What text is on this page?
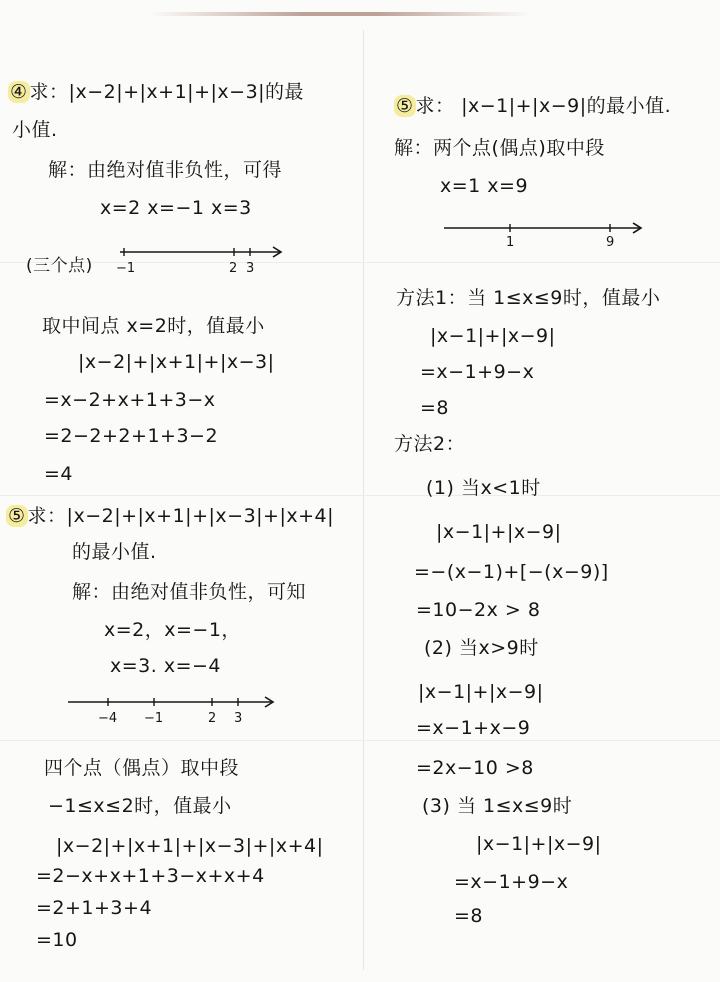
④ 求：|x−2|+|x+1|+|x−3|的最
小值.
解：由绝对值非负性，可得
x=2 x=−1 x=3
(三个点) −1	2 3
取中间点 x=2时，值最小
|x−2|+|x+1|+|x−3|
=x−2+x+1+3−x
=2−2+2+1+3−2
=4
⑤ 求：|x−2|+|x+1|+|x−3|+|x+4|
的最小值.
解：由绝对值非负性，可知
x=2，x=−1，
x=3. x=−4
−4 −1	2 3
四个点（偶点）取中段
−1≤x≤2时，值最小
|x−2|+|x+1|+|x−3|+|x+4|
=2−x+x+1+3−x+x+4
=2+1+3+4
=10
⑤ 求： |x−1|+|x−9|的最小值.
解：两个点(偶点)取中段
x=1 x=9
1	9
方法1：当 1≤x≤9时，值最小
|x−1|+|x−9|
=x−1+9−x
=8
方法2：
(1) 当x<1时
|x−1|+|x−9|
=−(x−1)+[−(x−9)]
=10−2x > 8
(2) 当x>9时
|x−1|+|x−9|
=x−1+x−9
=2x−10 >8
(3) 当 1≤x≤9时
|x−1|+|x−9|
=x−1+9−x
=8
